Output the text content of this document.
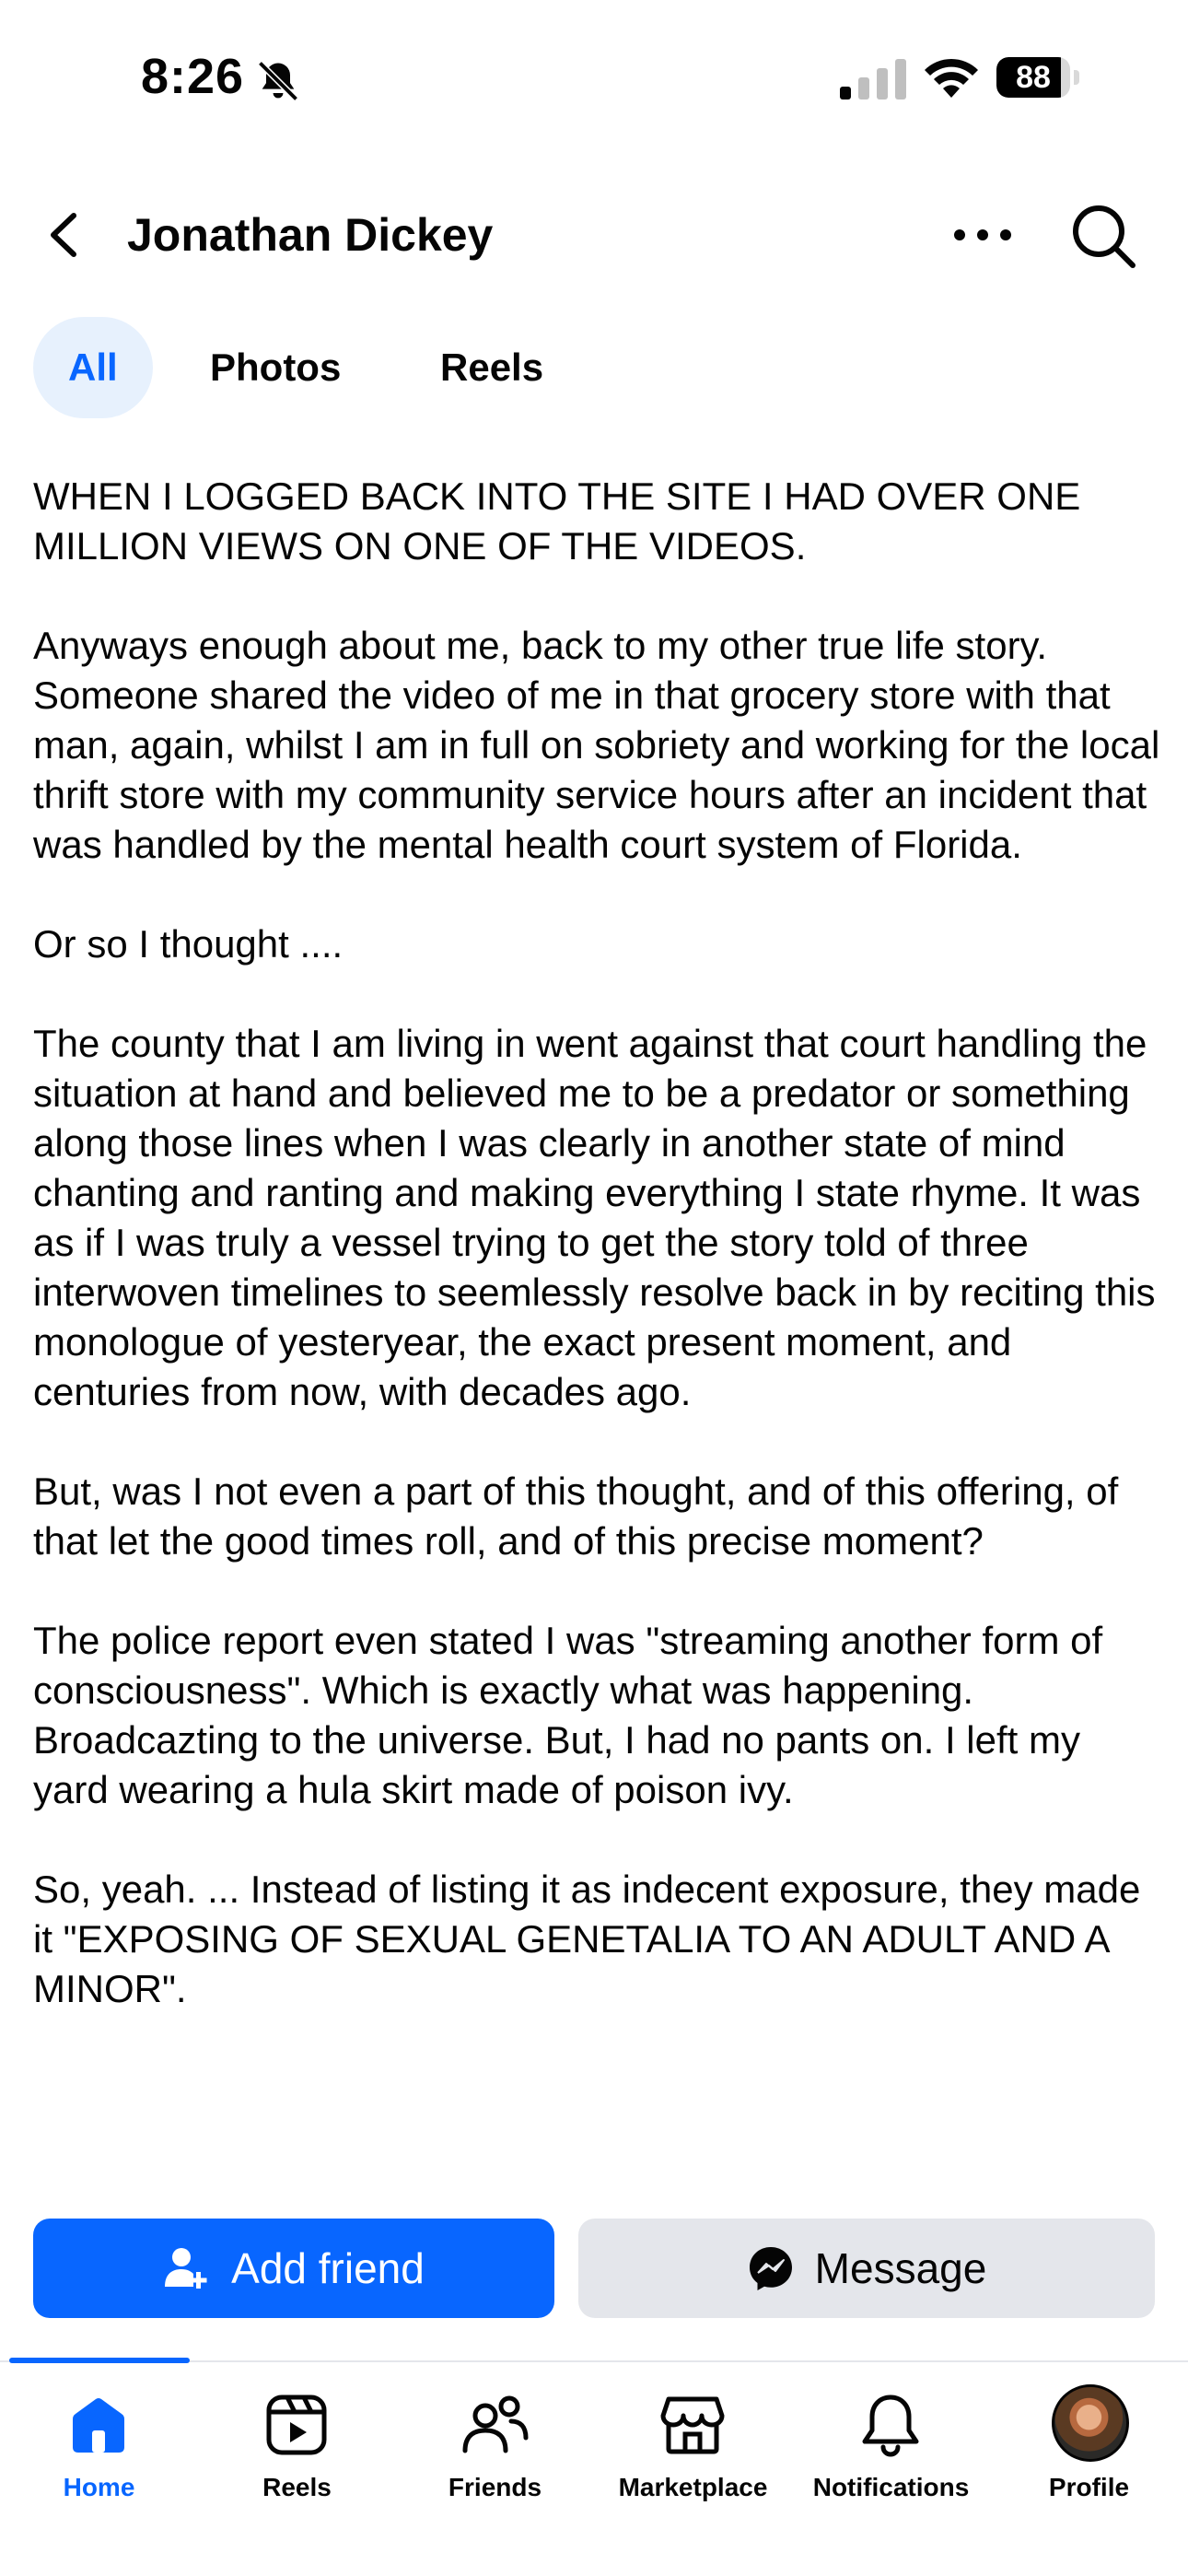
8:26	88
Jonathan Dickey
All	Photos	Reels

WHEN I LOGGED BACK INTO THE SITE I HAD OVER ONE MILLION VIEWS ON ONE OF THE VIDEOS.

Anyways enough about me, back to my other true life story. Someone shared the video of me in that grocery store with that man, again, whilst I am in full on sobriety and working for the local thrift store with my community service hours after an incident that was handled by the mental health court system of Florida.

Or so I thought ....

The county that I am living in went against that court handling the situation at hand and believed me to be a predator or something along those lines when I was clearly in another state of mind chanting and ranting and making everything I state rhyme. It was as if I was truly a vessel trying to get the story told of three interwoven timelines to seemlessly resolve back in by reciting this monologue of yesteryear, the exact present moment, and centuries from now, with decades ago.

But, was I not even a part of this thought, and of this offering, of that let the good times roll, and of this precise moment?

The police report even stated I was "streaming another form of consciousness". Which is exactly what was happening. Broadcazting to the universe. But, I had no pants on. I left my yard wearing a hula skirt made of poison ivy.

So, yeah. ... Instead of listing it as indecent exposure, they made it "EXPOSING OF SEXUAL GENETALIA TO AN ADULT AND A MINOR".

Add friend	Message
Home	Reels	Friends	Marketplace	Notifications	Profile
